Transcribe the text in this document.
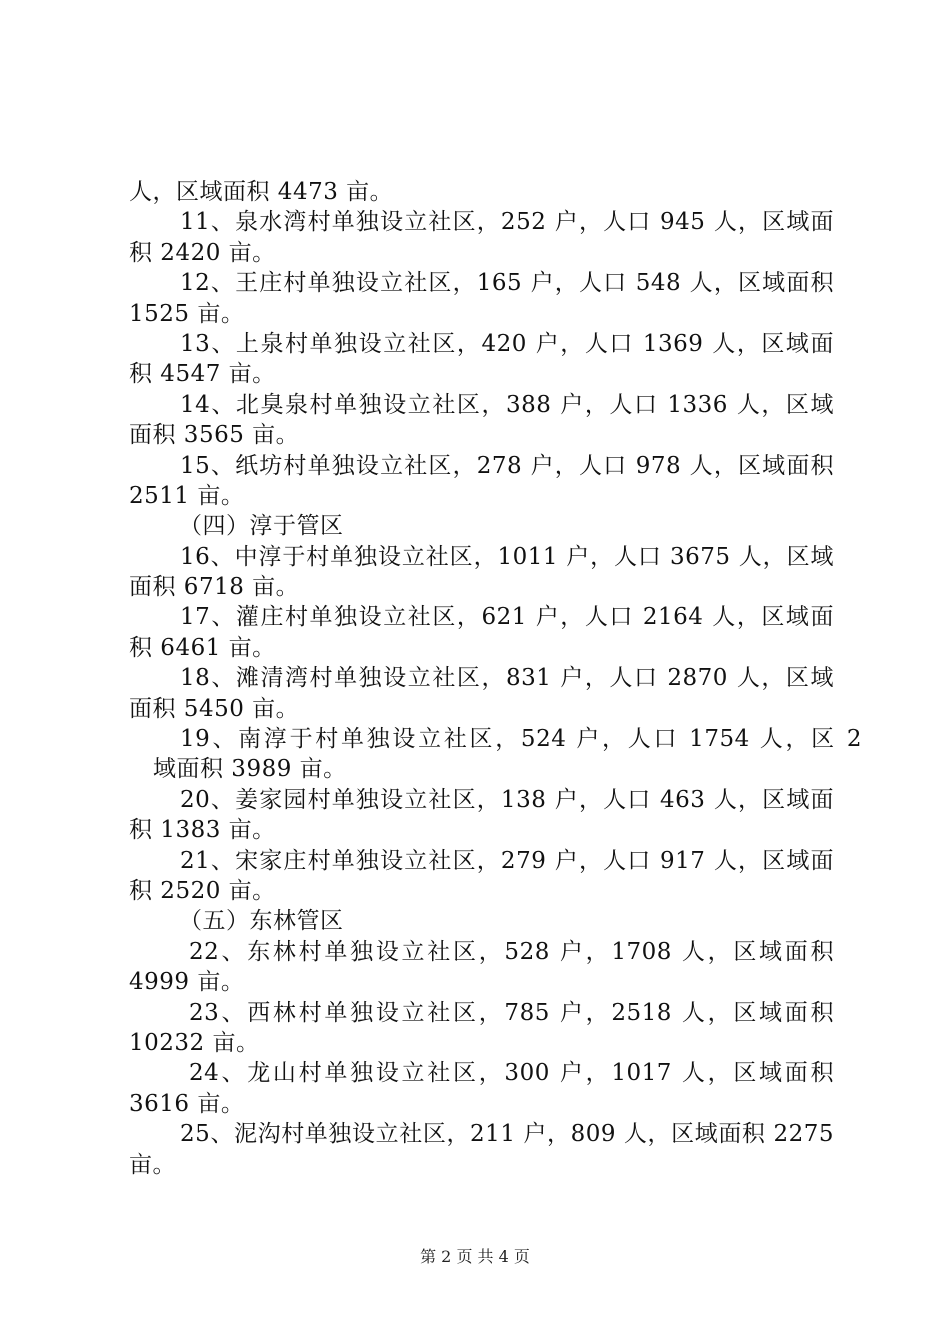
人，区域面积 4473 亩。
11、泉水湾村单独设立社区，252 户，人口 945 人，区域面
积 2420 亩。
12、王庄村单独设立社区，165 户，人口 548 人，区域面积
1525 亩。
13、上泉村单独设立社区，420 户，人口 1369 人，区域面
积 4547 亩。
14、北臭泉村单独设立社区，388 户，人口 1336 人，区域
面积 3565 亩。
15、纸坊村单独设立社区，278 户，人口 978 人，区域面积
2511 亩。
（四）淳于管区
16、中淳于村单独设立社区，1011 户，人口 3675 人，区域
面积 6718 亩。
17、灌庄村单独设立社区，621 户，人口 2164 人，区域面
积 6461 亩。
18、滩清湾村单独设立社区，831 户，人口 2870 人，区域
面积 5450 亩。
19、南淳于村单独设立社区，524 户，人口 1754 人，区 2
域面积 3989 亩。
20、姜家园村单独设立社区，138 户，人口 463 人，区域面
积 1383 亩。
21、宋家庄村单独设立社区，279 户，人口 917 人，区域面
积 2520 亩。
（五）东林管区
22、东林村单独设立社区，528 户，1708 人，区域面积
4999 亩。
23、西林村单独设立社区，785 户，2518 人，区域面积
10232 亩。
24、龙山村单独设立社区，300 户，1017 人，区域面积
3616 亩。
25、泥沟村单独设立社区，211 户，809 人，区域面积 2275
亩。
第 2 页 共 4 页
